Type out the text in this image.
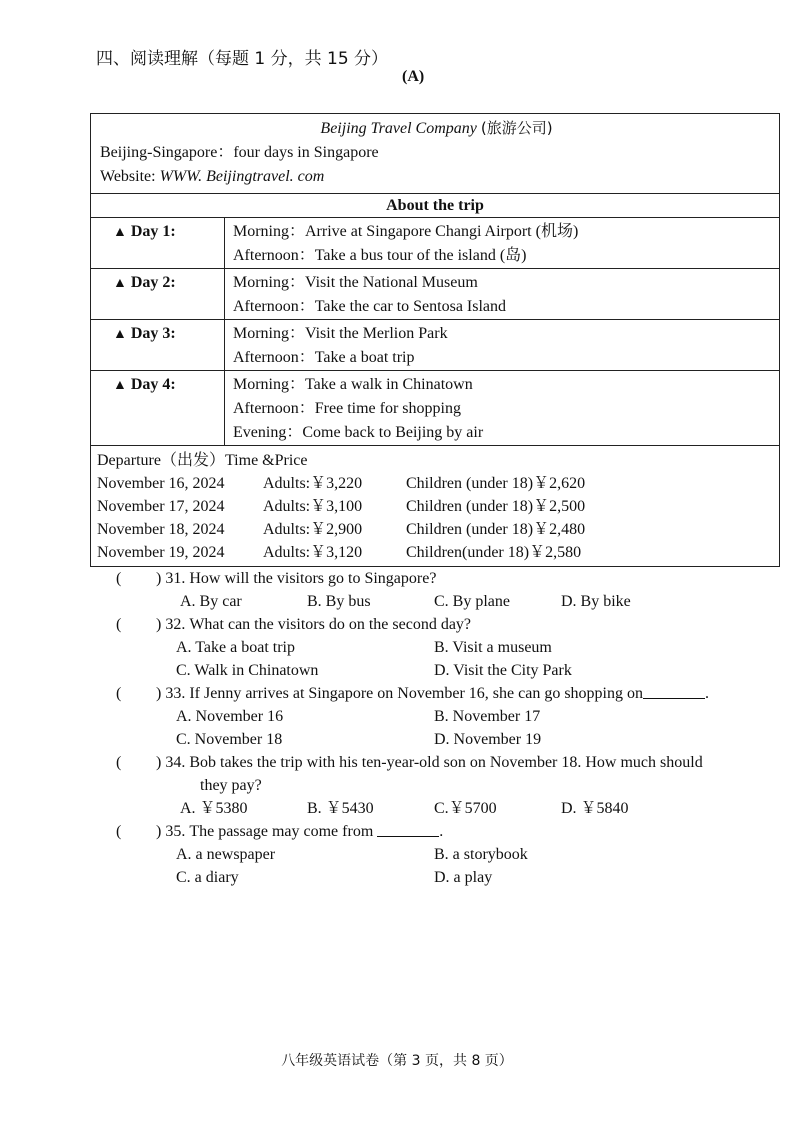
四、阅读理解（每题 1 分，共 15 分）
(A)
Beijing Travel Company (旅游公司)
Beijing-Singapore：four days in Singapore
Website: WWW. Beijingtravel. com
About the trip
▲ Day 1:	Morning：Arrive at Singapore Changi Airport (机场)
Afternoon：Take a bus tour of the island (岛)
▲ Day 2:	Morning：Visit the National Museum
Afternoon：Take the car to Sentosa Island
▲ Day 3:	Morning：Visit the Merlion Park
Afternoon：Take a boat trip
▲ Day 4:	Morning：Take a walk in Chinatown
Afternoon：Free time for shopping
Evening：Come back to Beijing by air
Departure（出发）Time &Price
November 16, 2024	Adults:￥3,220	Children (under 18)￥2,620
November 17, 2024	Adults:￥3,100	Children (under 18)￥2,500
November 18, 2024	Adults:￥2,900	Children (under 18)￥2,480
November 19, 2024	Adults:￥3,120	Children(under 18)￥2,580
(	) 31.
How will the visitors go to Singapore?
A. By car	B. By bus	C. By plane	D. By bike
(	) 32.
What can the visitors do on the second day?
A. Take a boat trip	B. Visit a museum
C. Walk in Chinatown	D. Visit the City Park
(	) 33.
If Jenny arrives at Singapore on November 16, she can go shopping on	.
A. November 16	B. November 17
C. November 18	D. November 19
(	) 34.
Bob takes the trip with his ten-year-old son on November 18. How much should
they pay?
A. ￥5380	B. ￥5430	C.￥5700	D. ￥5840
(	) 35.
The passage may come from
	.
A. a newspaper	B. a storybook
C. a diary	D. a play
八年级英语试卷（第 3 页，共 8 页）
